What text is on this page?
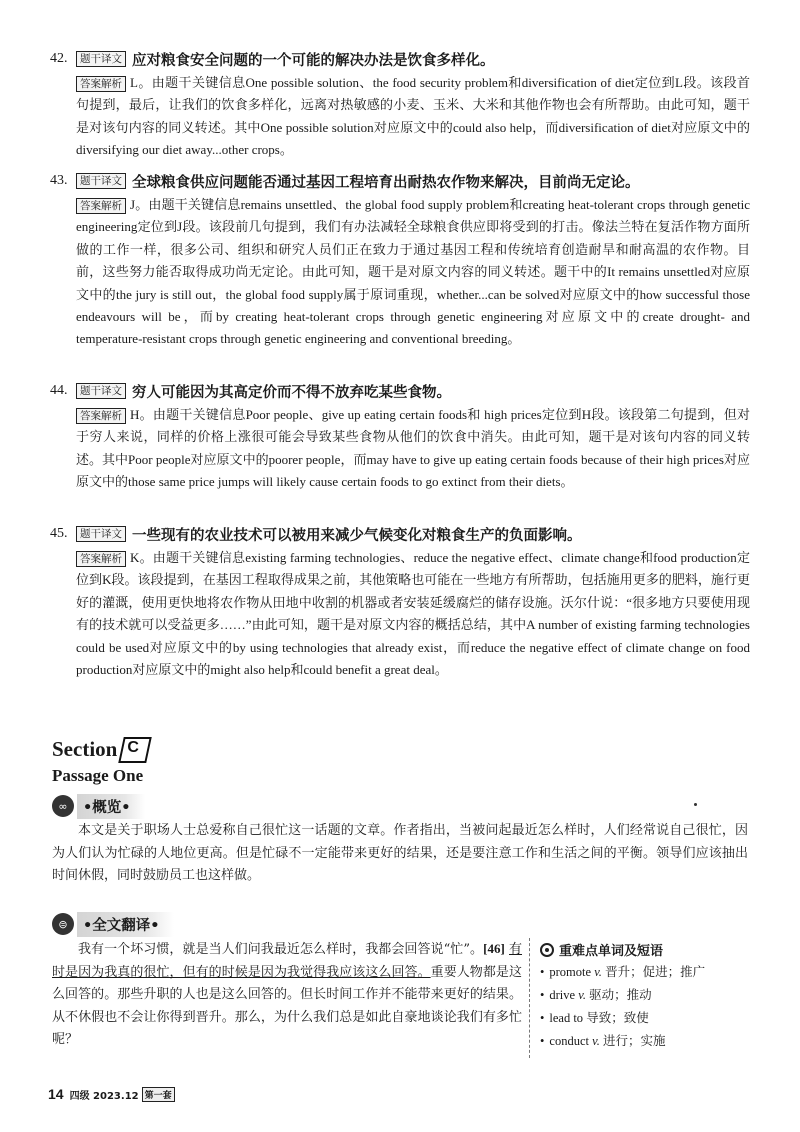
42.	题干译文 应对粮食安全问题的一个可能的解决办法是饮食多样化。
答案解析 L。由题干关键信息One possible solution、the food security problem和diversification of diet定位到L段。该段首句提到，最后，让我们的饮食多样化，远离对热敏感的小麦、玉米、大米和其他作物也会有所帮助。由此可知，题干是对该句内容的同义转述。其中One possible solution对应原文中的could also help，而diversification of diet对应原文中的diversifying our diet away...other crops。
43.	题干译文 全球粮食供应问题能否通过基因工程培育出耐热农作物来解决，目前尚无定论。
答案解析 J。由题干关键信息remains unsettled、the global food supply problem和creating heat-tolerant crops through genetic engineering定位到J段。该段前几句提到，我们有办法减轻全球粮食供应即将受到的打击。像法兰特在复活作物方面所做的工作一样，很多公司、组织和研究人员们正在致力于通过基因工程和传统培育创造耐旱和耐高温的农作物。目前，这些努力能否取得成功尚无定论。由此可知，题干是对原文内容的同义转述。题干中的It remains unsettled对应原文中的the jury is still out，the global food supply属于原词重现，whether...can be solved对应原文中的how successful those endeavours will be，而by creating heat-tolerant crops through genetic engineering对应原文中的create drought- and temperature-resistant crops through genetic engineering and conventional breeding。
44.	题干译文 穷人可能因为其高定价而不得不放弃吃某些食物。
答案解析 H。由题干关键信息Poor people、give up eating certain foods和 high prices定位到H段。该段第二句提到，但对于穷人来说，同样的价格上涨很可能会导致某些食物从他们的饮食中消失。由此可知，题干是对该句内容的同义转述。其中Poor people对应原文中的poorer people，而may have to give up eating certain foods because of their high prices对应原文中的those same price jumps will likely cause certain foods to go extinct from their diets。
45.	题干译文 一些现有的农业技术可以被用来减少气候变化对粮食生产的负面影响。
答案解析 K。由题干关键信息existing farming technologies、reduce the negative effect、climate change和food production定位到K段。该段提到，在基因工程取得成果之前，其他策略也可能在一些地方有所帮助，包括施用更多的肥料，施行更好的灌溉，使用更快地将农作物从田地中收割的机器或者安装延缓腐烂的储存设施。沃尔什说：“很多地方只要使用现有的技术就可以受益更多……”由此可知，题干是对原文内容的概括总结，其中A number of existing farming technologies could be used对应原文中的by using technologies that already exist，而reduce the negative effect of climate change on food production对应原文中的might also help和could benefit a great deal。
Section C
Passage One
∞	•概览•
本文是关于职场人士总爱称自己很忙这一话题的文章。作者指出，当被问起最近怎么样时，人们经常说自己很忙，因为人们认为忙碌的人地位更高。但是忙碌不一定能带来更好的结果，还是要注意工作和生活之间的平衡。领导们应该抽出时间休假，同时鼓励员工也这样做。
⊜	•全文翻译•
我有一个坏习惯，就是当人们问我最近怎么样时，我都会回答说“忙”。[46] 有时是因为我真的很忙，但有的时候是因为我觉得我应该这么回答。重要人物都是这么回答的。那些升职的人也是这么回答的。但长时间工作并不能带来更好的结果。从不休假也不会让你得到晋升。那么，为什么我们总是如此自豪地谈论我们有多忙呢？
重难点单词及短语
• promote v. 晋升；促进；推广
• drive v. 驱动；推动
• lead to 导致；致使
• conduct v. 进行；实施
14 四级 2023.12 第一套
